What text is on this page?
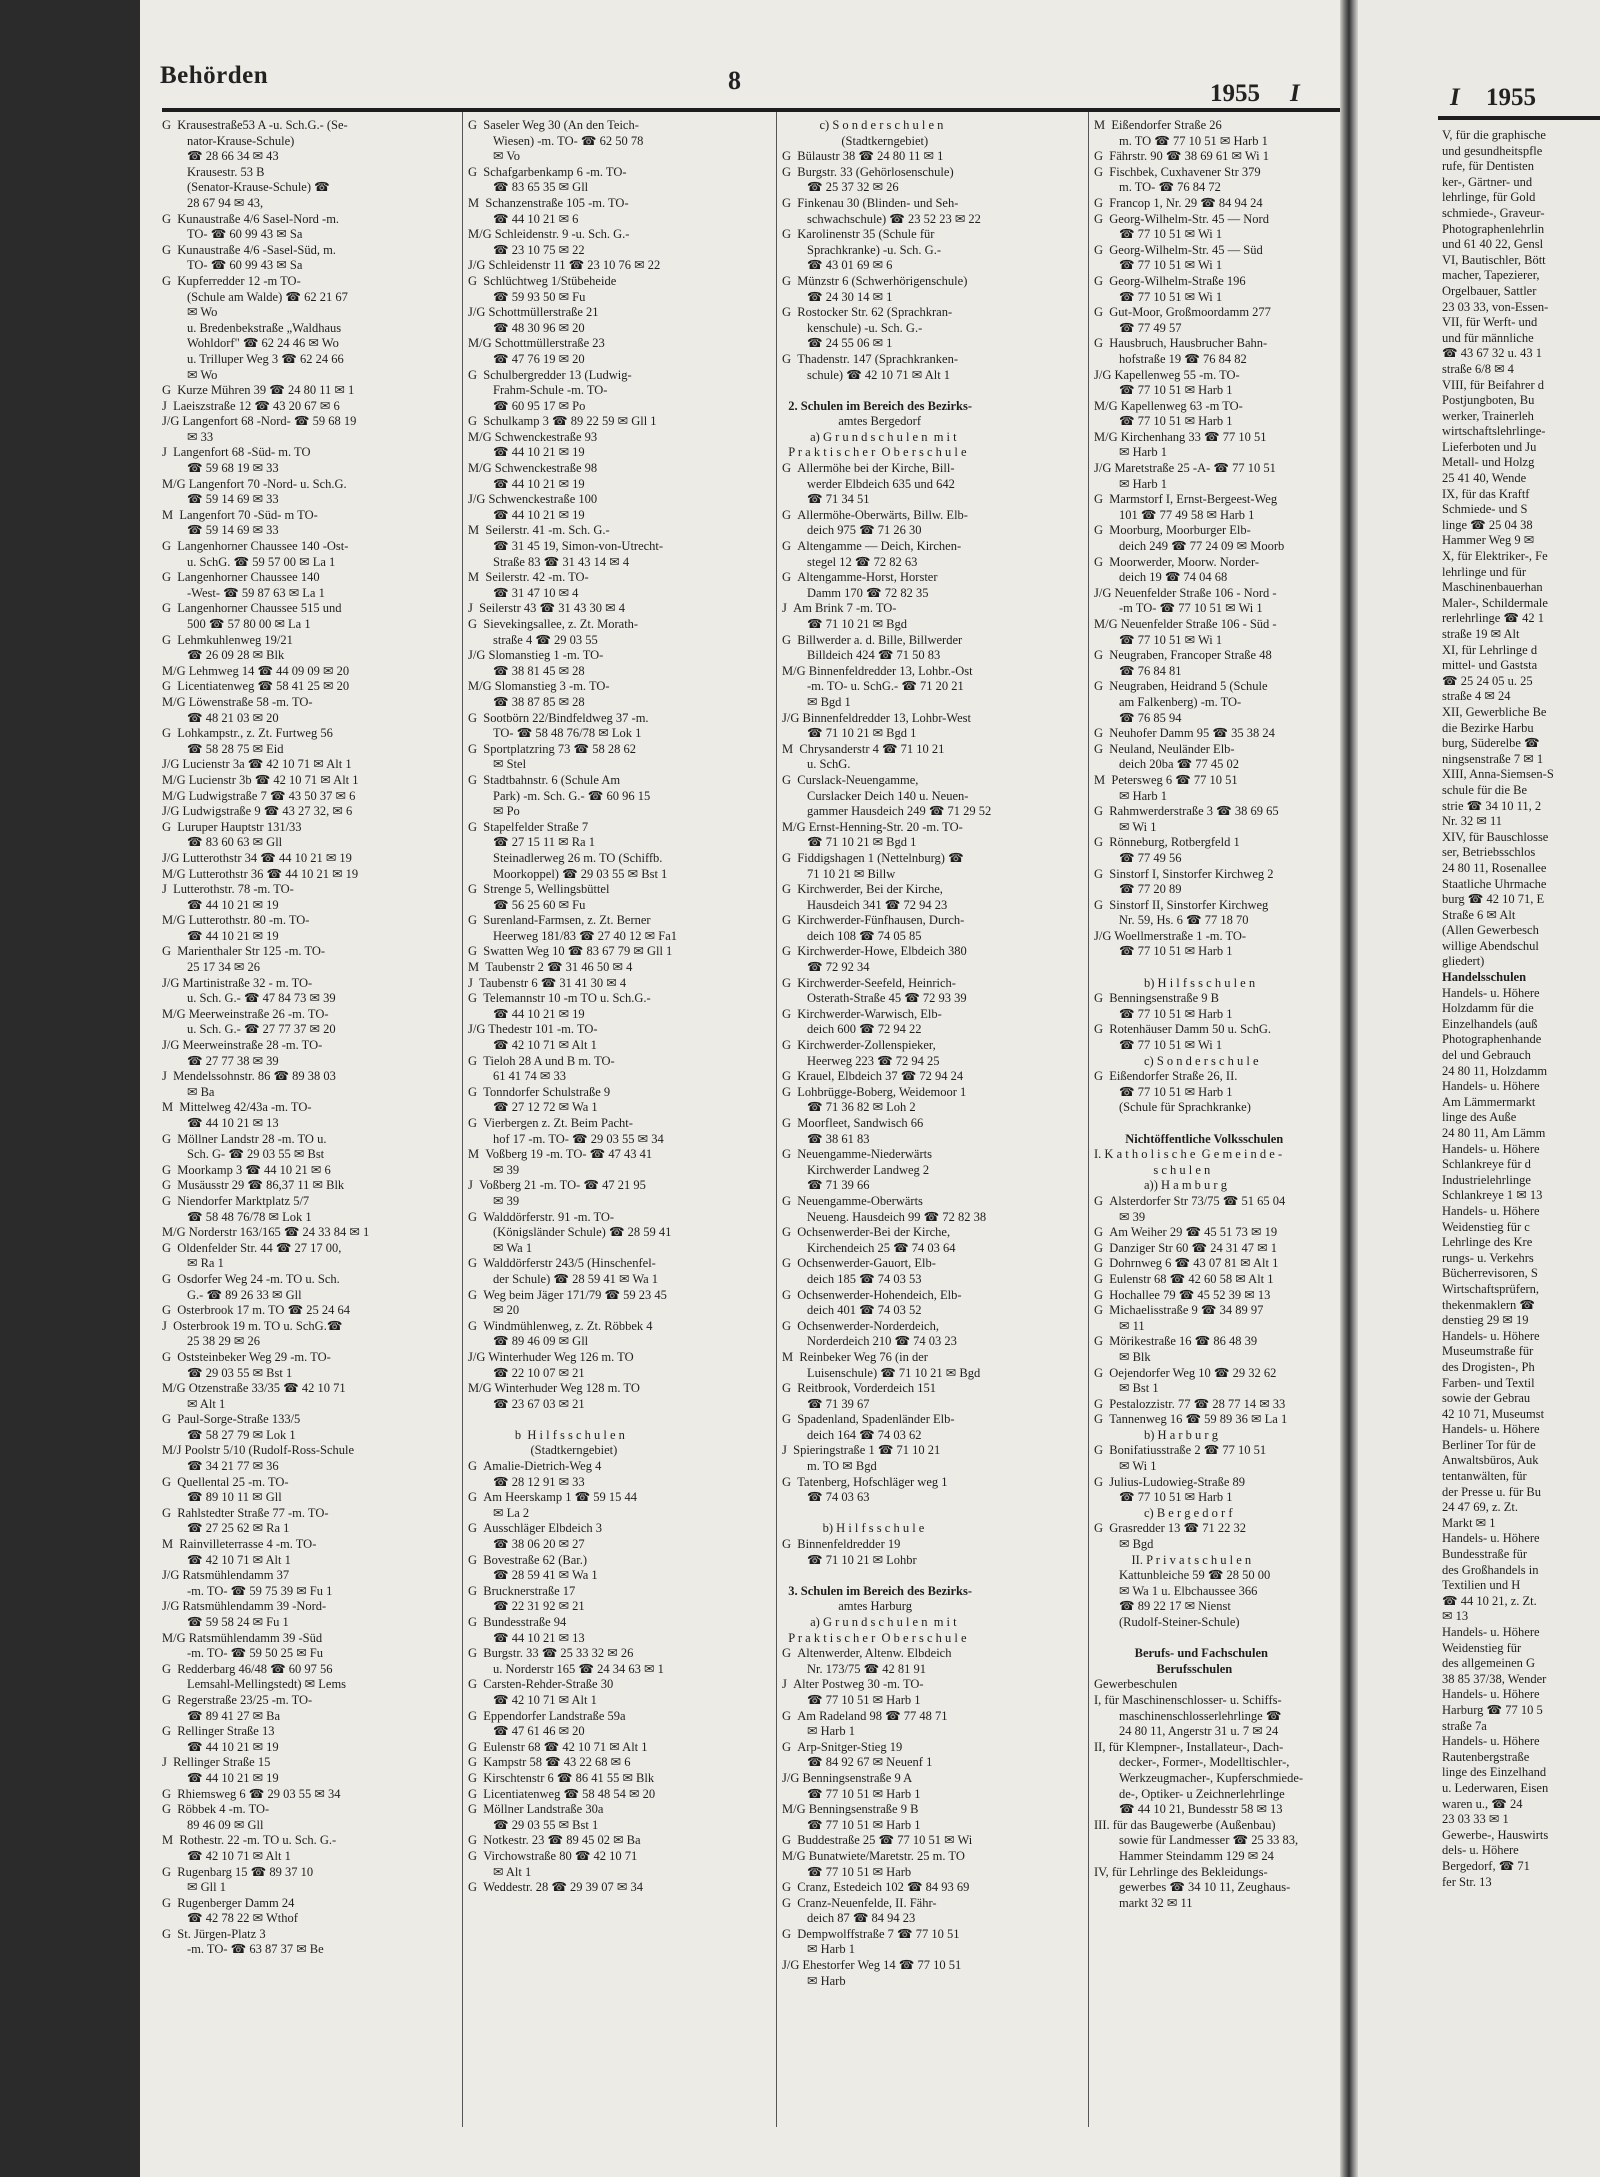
Behörden	8	1955 I
G  Krausestraße53 A -u. Sch.G.- (Se-
  nator-Krause-Schule)
  ☎ 28 66 34 ✉ 43
  Krausestr. 53 B
  (Senator-Krause-Schule) ☎
  28 67 94 ✉ 43,
G  Kunaustraße 4/6 Sasel-Nord -m.
  TO- ☎ 60 99 43 ✉ Sa
G  Kunaustraße 4/6 -Sasel-Süd, m.
  TO- ☎ 60 99 43 ✉ Sa
G  Kupferredder 12 -m TO-
  (Schule am Walde) ☎ 62 21 67
  ✉ Wo
  u. Bredenbekstraße „Waldhaus
  Wohldorf" ☎ 62 24 46 ✉ Wo
  u. Trilluper Weg 3 ☎ 62 24 66
  ✉ Wo
G  Kurze Mühren 39 ☎ 24 80 11 ✉ 1
J  Laeiszstraße 12 ☎ 43 20 67 ✉ 6
J/G Langenfort 68 -Nord- ☎ 59 68 19
  ✉ 33
J  Langenfort 68 -Süd- m. TO
  ☎ 59 68 19 ✉ 33
M/G Langenfort 70 -Nord- u. Sch.G.
  ☎ 59 14 69 ✉ 33
M  Langenfort 70 -Süd- m TO-
  ☎ 59 14 69 ✉ 33
G  Langenhorner Chaussee 140 -Ost-
  u. SchG. ☎ 59 57 00 ✉ La 1
G  Langenhorner Chaussee 140
  -West- ☎ 59 87 63 ✉ La 1
G  Langenhorner Chaussee 515 und
  500 ☎ 57 80 00 ✉ La 1
G  Lehmkuhlenweg 19/21
  ☎ 26 09 28 ✉ Blk
M/G Lehmweg 14 ☎ 44 09 09 ✉ 20
G  Licentiatenweg ☎ 58 41 25 ✉ 20
M/G Löwenstraße 58 -m. TO-
  ☎ 48 21 03 ✉ 20
G  Lohkampstr., z. Zt. Furtweg 56
  ☎ 58 28 75 ✉ Eid
J/G Lucienstr 3a ☎ 42 10 71 ✉ Alt 1
M/G Lucienstr 3b ☎ 42 10 71 ✉ Alt 1
M/G Ludwigstraße 7 ☎ 43 50 37 ✉ 6
J/G Ludwigstraße 9 ☎ 43 27 32, ✉ 6
G  Luruper Hauptstr 131/33
  ☎ 83 60 63 ✉ Gll
J/G Lutterothstr 34 ☎ 44 10 21 ✉ 19
M/G Lutterothstr 36 ☎ 44 10 21 ✉ 19
J  Lutterothstr. 78 -m. TO-
  ☎ 44 10 21 ✉ 19
M/G Lutterothstr. 80 -m. TO-
  ☎ 44 10 21 ✉ 19
G  Marienthaler Str 125 -m. TO-
  25 17 34 ✉ 26
J/G Martinistraße 32 - m. TO-
  u. Sch. G.- ☎ 47 84 73 ✉ 39
M/G Meerweinstraße 26 -m. TO-
  u. Sch. G.- ☎ 27 77 37 ✉ 20
J/G Meerweinstraße 28 -m. TO-
  ☎ 27 77 38 ✉ 39
J  Mendelssohnstr. 86 ☎ 89 38 03
  ✉ Ba
M  Mittelweg 42/43a -m. TO-
  ☎ 44 10 21 ✉ 13
G  Möllner Landstr 28 -m. TO u.
  Sch. G- ☎ 29 03 55 ✉ Bst
G  Moorkamp 3 ☎ 44 10 21 ✉ 6
G  Musäusstr 29 ☎ 86,37 11 ✉ Blk
G  Niendorfer Marktplatz 5/7
  ☎ 58 48 76/78 ✉ Lok 1
M/G Norderstr 163/165 ☎ 24 33 84 ✉ 1
G  Oldenfelder Str. 44 ☎ 27 17 00,
  ✉ Ra 1
G  Osdorfer Weg 24 -m. TO u. Sch.
  G.- ☎ 89 26 33 ✉ Gll
G  Osterbrook 17 m. TO ☎ 25 24 64
J  Osterbrook 19 m. TO u. SchG.☎
  25 38 29 ✉ 26
G  Oststeinbeker Weg 29 -m. TO-
  ☎ 29 03 55 ✉ Bst 1
M/G Otzenstraße 33/35 ☎ 42 10 71
  ✉ Alt 1
G  Paul-Sorge-Straße 133/5
  ☎ 58 27 79 ✉ Lok 1
M/J Poolstr 5/10 (Rudolf-Ross-Schule
  ☎ 34 21 77 ✉ 36
G  Quellental 25 -m. TO-
  ☎ 89 10 11 ✉ Gll
G  Rahlstedter Straße 77 -m. TO-
  ☎ 27 25 62 ✉ Ra 1
M  Rainvilleterrasse 4 -m. TO-
  ☎ 42 10 71 ✉ Alt 1
J/G Ratsmühlendamm 37
  -m. TO- ☎ 59 75 39 ✉ Fu 1
J/G Ratsmühlendamm 39 -Nord-
  ☎ 59 58 24 ✉ Fu 1
M/G Ratsmühlendamm 39 -Süd
  -m. TO- ☎ 59 50 25 ✉ Fu
G  Redderbarg 46/48 ☎ 60 97 56
  Lemsahl-Mellingstedt) ✉ Lems
G  Regerstraße 23/25 -m. TO-
  ☎ 89 41 27 ✉ Ba
G  Rellinger Straße 13
  ☎ 44 10 21 ✉ 19
J  Rellinger Straße 15
  ☎ 44 10 21 ✉ 19
G  Rhiemsweg 6 ☎ 29 03 55 ✉ 34
G  Röbbek 4 -m. TO-
  89 46 09 ✉ Gll
M  Rothestr. 22 -m. TO u. Sch. G.-
  ☎ 42 10 71 ✉ Alt 1
G  Rugenbarg 15 ☎ 89 37 10
  ✉ Gll 1
G  Rugenberger Damm 24
  ☎ 42 78 22 ✉ Wthof
G  St. Jürgen-Platz 3
  -m. TO- ☎ 63 87 37 ✉ Be
G  Saseler Weg 30 (An den Teich-
  Wiesen) -m. TO- ☎ 62 50 78
  ✉ Vo
G  Schafgarbenkamp 6 -m. TO-
  ☎ 83 65 35 ✉ Gll
M  Schanzenstraße 105 -m. TO-
  ☎ 44 10 21 ✉ 6
M/G Schleidenstr. 9 -u. Sch. G.-
  ☎ 23 10 75 ✉ 22
J/G Schleidenstr 11 ☎ 23 10 76 ✉ 22
G  Schlüchtweg 1/Stübeheide
  ☎ 59 93 50 ✉ Fu
J/G Schottmüllerstraße 21
  ☎ 48 30 96 ✉ 20
M/G Schottmüllerstraße 23
  ☎ 47 76 19 ✉ 20
G  Schulbergredder 13 (Ludwig-
  Frahm-Schule -m. TO-
  ☎ 60 95 17 ✉ Po
G  Schulkamp 3 ☎ 89 22 59 ✉ Gll 1
M/G Schwenckestraße 93
  ☎ 44 10 21 ✉ 19
M/G Schwenckestraße 98
  ☎ 44 10 21 ✉ 19
J/G Schwenckestraße 100
  ☎ 44 10 21 ✉ 19
M  Seilerstr. 41 -m. Sch. G.-
  ☎ 31 45 19, Simon-von-Utrecht-
  Straße 83 ☎ 31 43 14 ✉ 4
M  Seilerstr. 42 -m. TO-
  ☎ 31 47 10 ✉ 4
J  Seilerstr 43 ☎ 31 43 30 ✉ 4
G  Sievekingsallee, z. Zt. Morath-
  straße 4 ☎ 29 03 55
J/G Slomanstieg 1 -m. TO-
  ☎ 38 81 45 ✉ 28
M/G Slomanstieg 3 -m. TO-
  ☎ 38 87 85 ✉ 28
G  Sootbörn 22/Bindfeldweg 37 -m.
  TO- ☎ 58 48 76/78 ✉ Lok 1
G  Sportplatzring 73 ☎ 58 28 62
  ✉ Stel
G  Stadtbahnstr. 6 (Schule Am
  Park) -m. Sch. G.- ☎ 60 96 15
  ✉ Po
G  Stapelfelder Straße 7
  ☎ 27 15 11 ✉ Ra 1
  Steinadlerweg 26 m. TO (Schiffb.
  Moorkoppel) ☎ 29 03 55 ✉ Bst 1
G  Strenge 5, Wellingsbüttel
  ☎ 56 25 60 ✉ Fu
G  Surenland-Farmsen, z. Zt. Berner
  Heerweg 181/83 ☎ 27 40 12 ✉ Fa1
G  Swatten Weg 10 ☎ 83 67 79 ✉ Gll 1
M  Taubenstr 2 ☎ 31 46 50 ✉ 4
J  Taubenstr 6 ☎ 31 41 30 ✉ 4
G  Telemannstr 10 -m TO u. Sch.G.-
  ☎ 44 10 21 ✉ 19
J/G Thedestr 101 -m. TO-
  ☎ 42 10 71 ✉ Alt 1
G  Tieloh 28 A und B m. TO-
  61 41 74 ✉ 33
G  Tonndorfer Schulstraße 9
  ☎ 27 12 72 ✉ Wa 1
G  Vierbergen z. Zt. Beim Pacht-
  hof 17 -m. TO- ☎ 29 03 55 ✉ 34
M  Voßberg 19 -m. TO- ☎ 47 43 41
  ✉ 39
J  Voßberg 21 -m. TO- ☎ 47 21 95
  ✉ 39
G  Walddörferstr. 91 -m. TO-
  (Königsländer Schule) ☎ 28 59 41
  ✉ Wa 1
G  Walddörferstr 243/5 (Hinschenfel-
  der Schule) ☎ 28 59 41 ✉ Wa 1
G  Weg beim Jäger 171/79 ☎ 59 23 45
  ✉ 20
G  Windmühlenweg, z. Zt. Röbbek 4
  ☎ 89 46 09 ✉ Gll
J/G Winterhuder Weg 126 m. TO
  ☎ 22 10 07 ✉ 21
M/G Winterhuder Weg 128 m. TO
  ☎ 23 67 03 ✉ 21

         b  H i l f s s c h u l e n
              (Stadtkerngebiet)
G  Amalie-Dietrich-Weg 4
  ☎ 28 12 91 ✉ 33
G  Am Heerskamp 1 ☎ 59 15 44
  ✉ La 2
G  Ausschläger Elbdeich 3
  ☎ 38 06 20 ✉ 27
G  Bovestraße 62 (Bar.)
  ☎ 28 59 41 ✉ Wa 1
G  Brucknerstraße 17
  ☎ 22 31 92 ✉ 21
G  Bundesstraße 94
  ☎ 44 10 21 ✉ 13
G  Burgstr. 33 ☎ 25 33 32 ✉ 26
  u. Norderstr 165 ☎ 24 34 63 ✉ 1
G  Carsten-Rehder-Straße 30
  ☎ 42 10 71 ✉ Alt 1
G  Eppendorfer Landstraße 59a
  ☎ 47 61 46 ✉ 20
G  Eulenstr 68 ☎ 42 10 71 ✉ Alt 1
G  Kampstr 58 ☎ 43 22 68 ✉ 6
G  Kirschtenstr 6 ☎ 86 41 55 ✉ Blk
G  Licentiatenweg ☎ 58 48 54 ✉ 20
G  Möllner Landstraße 30a
  ☎ 29 03 55 ✉ Bst 1
G  Notkestr. 23 ☎ 89 45 02 ✉ Ba
G  Virchowstraße 80 ☎ 42 10 71
  ✉ Alt 1
G  Weddestr. 28 ☎ 29 39 07 ✉ 34
      c) S o n d e r s c h u l e n
             (Stadtkerngebiet)
G  Bülaustr 38 ☎ 24 80 11 ✉ 1
G  Burgstr. 33 (Gehörlosenschule)
  ☎ 25 37 32 ✉ 26
G  Finkenau 30 (Blinden- und Seh-
  schwachschule) ☎ 23 52 23 ✉ 22
G  Karolinenstr 35 (Schule für
  Sprachkranke) -u. Sch. G.-
  ☎ 43 01 69 ✉ 6
G  Münzstr 6 (Schwerhörigenschule)
  ☎ 24 30 14 ✉ 1
G  Rostocker Str. 62 (Sprachkran-
  kenschule) -u. Sch. G.-
  ☎ 24 55 06 ✉ 1
G  Thadenstr. 147 (Sprachkranken-
  schule) ☎ 42 10 71 ✉ Alt 1

2. Schulen im Bereich des Bezirks-
            amtes Bergedorf
   a) G r u n d s c h u l e n  m i t
P r a k t i s c h e r  O b e r s c h u l e
G  Allermöhe bei der Kirche, Bill-
  werder Elbdeich 635 und 642
  ☎ 71 34 51
G  Allermöhe-Oberwärts, Billw. Elb-
  deich 975 ☎ 71 26 30
G  Altengamme — Deich, Kirchen-
  stegel 12 ☎ 72 82 63
G  Altengamme-Horst, Horster
  Damm 170 ☎ 72 82 35
J  Am Brink 7 -m. TO-
  ☎ 71 10 21 ✉ Bgd
G  Billwerder a. d. Bille, Billwerder
  Billdeich 424 ☎ 71 50 83
M/G Binnenfeldredder 13, Lohbr.-Ost
  -m. TO- u. SchG.- ☎ 71 20 21
  ✉ Bgd 1
J/G Binnenfeldredder 13, Lohbr-West
  ☎ 71 10 21 ✉ Bgd 1
M  Chrysanderstr 4 ☎ 71 10 21
  u. SchG.
G  Curslack-Neuengamme,
  Curslacker Deich 140 u. Neuen-
  gammer Hausdeich 249 ☎ 71 29 52
M/G Ernst-Henning-Str. 20 -m. TO-
  ☎ 71 10 21 ✉ Bgd 1
G  Fiddigshagen 1 (Nettelnburg) ☎
  71 10 21 ✉ Billw
G  Kirchwerder, Bei der Kirche,
  Hausdeich 341 ☎ 72 94 23
G  Kirchwerder-Fünfhausen, Durch-
  deich 108 ☎ 74 05 85
G  Kirchwerder-Howe, Elbdeich 380
  ☎ 72 92 34
G  Kirchwerder-Seefeld, Heinrich-
  Osterath-Straße 45 ☎ 72 93 39
G  Kirchwerder-Warwisch, Elb-
  deich 600 ☎ 72 94 22
G  Kirchwerder-Zollenspieker,
  Heerweg 223 ☎ 72 94 25
G  Krauel, Elbdeich 37 ☎ 72 94 24
G  Lohbrügge-Boberg, Weidemoor 1
  ☎ 71 36 82 ✉ Loh 2
G  Moorfleet, Sandwisch 66
  ☎ 38 61 83
G  Neuengamme-Niederwärts
  Kirchwerder Landweg 2
  ☎ 71 39 66
G  Neuengamme-Oberwärts
  Neueng. Hausdeich 99 ☎ 72 82 38
G  Ochsenwerder-Bei der Kirche,
  Kirchendeich 25 ☎ 74 03 64
G  Ochsenwerder-Gauort, Elb-
  deich 185 ☎ 74 03 53
G  Ochsenwerder-Hohendeich, Elb-
  deich 401 ☎ 74 03 52
G  Ochsenwerder-Norderdeich,
  Norderdeich 210 ☎ 74 03 23
M  Reinbeker Weg 76 (in der
  Luisenschule) ☎ 71 10 21 ✉ Bgd
G  Reitbrook, Vorderdeich 151
  ☎ 71 39 67
G  Spadenland, Spadenländer Elb-
  deich 164 ☎ 74 03 62
J  Spieringstraße 1 ☎ 71 10 21
  m. TO ✉ Bgd
G  Tatenberg, Hofschläger weg 1
  ☎ 74 03 63

       b) H i l f s s c h u l e
G  Binnenfeldredder 19
  ☎ 71 10 21 ✉ Lohbr

3. Schulen im Bereich des Bezirks-
            amtes Harburg
   a) G r u n d s c h u l e n  m i t
P r a k t i s c h e r  O b e r s c h u l e
G  Altenwerder, Altenw. Elbdeich
  Nr. 173/75 ☎ 42 81 91
J  Alter Postweg 30 -m. TO-
  ☎ 77 10 51 ✉ Harb 1
G  Am Radeland 98 ☎ 77 48 71
  ✉ Harb 1
G  Arp-Snitger-Stieg 19
  ☎ 84 92 67 ✉ Neuenf 1
J/G Benningsenstraße 9 A
  ☎ 77 10 51 ✉ Harb 1
M/G Benningsenstraße 9 B
  ☎ 77 10 51 ✉ Harb 1
G  Buddestraße 25 ☎ 77 10 51 ✉ Wi
M/G Bunatwiete/Maretstr. 25 m. TO
  ☎ 77 10 51 ✉ Harb
G  Cranz, Estedeich 102 ☎ 84 93 69
G  Cranz-Neuenfelde, II. Fähr-
  deich 87 ☎ 84 94 23
G  Dempwolffstraße 7 ☎ 77 10 51
  ✉ Harb 1
J/G Ehestorfer Weg 14 ☎ 77 10 51
  ✉ Harb
M  Eißendorfer Straße 26
  m. TO ☎ 77 10 51 ✉ Harb 1
G  Fährstr. 90 ☎ 38 69 61 ✉ Wi 1
G  Fischbek, Cuxhavener Str 379
  m. TO- ☎ 76 84 72
G  Francop 1, Nr. 29 ☎ 84 94 24
G  Georg-Wilhelm-Str. 45 — Nord
  ☎ 77 10 51 ✉ Wi 1
G  Georg-Wilhelm-Str. 45 — Süd
  ☎ 77 10 51 ✉ Wi 1
G  Georg-Wilhelm-Straße 196
  ☎ 77 10 51 ✉ Wi 1
G  Gut-Moor, Großmoordamm 277
  ☎ 77 49 57
G  Hausbruch, Hausbrucher Bahn-
  hofstraße 19 ☎ 76 84 82
J/G Kapellenweg 55 -m. TO-
  ☎ 77 10 51 ✉ Harb 1
M/G Kapellenweg 63 -m TO-
  ☎ 77 10 51 ✉ Harb 1
M/G Kirchenhang 33 ☎ 77 10 51
  ✉ Harb 1
J/G Maretstraße 25 -A- ☎ 77 10 51
  ✉ Harb 1
G  Marmstorf I, Ernst-Bergeest-Weg
  101 ☎ 77 49 58 ✉ Harb 1
G  Moorburg, Moorburger Elb-
  deich 249 ☎ 77 24 09 ✉ Moorb
G  Moorwerder, Moorw. Norder-
  deich 19 ☎ 74 04 68
J/G Neuenfelder Straße 106 - Nord -
  -m TO- ☎ 77 10 51 ✉ Wi 1
M/G Neuenfelder Straße 106 - Süd -
  ☎ 77 10 51 ✉ Wi 1
G  Neugraben, Francoper Straße 48
  ☎ 76 84 81
G  Neugraben, Heidrand 5 (Schule
  am Falkenberg) -m. TO-
  ☎ 76 85 94
G  Neuhofer Damm 95 ☎ 35 38 24
G  Neuland, Neuländer Elb-
  deich 20ba ☎ 77 45 02
M  Petersweg 6 ☎ 77 10 51
  ✉ Harb 1
G  Rahmwerderstraße 3 ☎ 38 69 65
  ✉ Wi 1
G  Rönneburg, Rotbergfeld 1
  ☎ 77 49 56
G  Sinstorf I, Sinstorfer Kirchweg 2
  ☎ 77 20 89
G  Sinstorf II, Sinstorfer Kirchweg
  Nr. 59, Hs. 6 ☎ 77 18 70
J/G Woellmerstraße 1 -m. TO-
  ☎ 77 10 51 ✉ Harb 1

          b) H i l f s s c h u l e n
G  Benningsenstraße 9 B
  ☎ 77 10 51 ✉ Harb 1
G  Rotenhäuser Damm 50 u. SchG.
  ☎ 77 10 51 ✉ Wi 1
          c) S o n d e r s c h u l e
G  Eißendorfer Straße 26, II.
  ☎ 77 10 51 ✉ Harb 1
  (Schule für Sprachkranke)

    Nichtöffentliche Volksschulen
I. K a t h o l i s c h e  G e m e i n d e -
             s c h u l e n
          a)) H a m b u r g
G  Alsterdorfer Str 73/75 ☎ 51 65 04
  ✉ 39
G  Am Weiher 29 ☎ 45 51 73 ✉ 19
G  Danziger Str 60 ☎ 24 31 47 ✉ 1
G  Dohrnweg 6 ☎ 43 07 81 ✉ Alt 1
G  Eulenstr 68 ☎ 42 60 58 ✉ Alt 1
G  Hochallee 79 ☎ 45 52 39 ✉ 13
G  Michaelisstraße 9 ☎ 34 89 97
  ✉ 11
G  Mörikestraße 16 ☎ 86 48 39
  ✉ Blk
G  Oejendorfer Weg 10 ☎ 29 32 62
  ✉ Bst 1
G  Pestalozzistr. 77 ☎ 28 77 14 ✉ 33
G  Tannenweg 16 ☎ 59 89 36 ✉ La 1
          b) H a r b u r g
G  Bonifatiusstraße 2 ☎ 77 10 51
  ✉ Wi 1
G  Julius-Ludowieg-Straße 89
  ☎ 77 10 51 ✉ Harb 1
          c) B e r g e d o r f
G  Grasredder 13 ☎ 71 22 32
  ✉ Bgd
      II. P r i v a t s c h u l e n
  Kattunbleiche 59 ☎ 28 50 00
  ✉ Wa 1 u. Elbchaussee 366
  ☎ 89 22 17 ✉ Nienst
  (Rudolf-Steiner-Schule)

       Berufs- und Fachschulen
              Berufsschulen
Gewerbeschulen
I, für Maschinenschlosser- u. Schiffs-
  maschinenschlosserlehrlinge ☎
  24 80 11, Angerstr 31 u. 7 ✉ 24
II, für Klempner-, Installateur-, Dach-
  decker-, Former-, Modelltischler-,
  Werkzeugmacher-, Kupferschmiede-
  de-, Optiker- u Zeichnerlehrlinge
  ☎ 44 10 21, Bundesstr 58 ✉ 13
III. für das Baugewerbe (Außenbau)
  sowie für Landmesser ☎ 25 33 83,
  Hammer Steindamm 129 ✉ 24
IV, für Lehrlinge des Bekleidungs-
  gewerbes ☎ 34 10 11, Zeughaus-
  markt 32 ✉ 11
I 1955
V, für die graphische
und gesundheitspfle
rufe, für Dentisten
ker-, Gärtner- und
lehrlinge, für Gold
schmiede-, Graveur-
Photographenlehrlin
und 61 40 22, Gensl
VI, Bautischler, Bött
macher, Tapezierer,
Orgelbauer, Sattler
23 03 33, von-Essen-
VII, für Werft- und
und für männliche
☎ 43 67 32 u. 43 1
straße 6/8 ✉ 4
VIII, für Beifahrer d
Postjungboten, Bu
werker, Trainerleh
wirtschaftslehrlinge-
Lieferboten und Ju
Metall- und Holzg
25 41 40, Wende
IX, für das Kraftf
Schmiede- und S
linge ☎ 25 04 38
Hammer Weg 9 ✉
X, für Elektriker-, Fe
lehrlinge und für
Maschinenbauerhan
Maler-, Schildermale
rerlehrlinge ☎ 42 1
straße 19 ✉ Alt
XI, für Lehrlinge d
mittel- und Gaststa
☎ 25 24 05 u. 25
straße 4 ✉ 24
XII, Gewerbliche Be
die Bezirke Harbu
burg, Süderelbe ☎
ningsenstraße 7 ✉ 1
XIII, Anna-Siemsen-S
schule für die Be
strie ☎ 34 10 11, 2
Nr. 32 ✉ 11
XIV, für Bauschlosse
ser, Betriebsschlos
24 80 11, Rosenallee
Staatliche Uhrmache
burg ☎ 42 10 71, E
Straße 6 ✉ Alt
(Allen Gewerbesch
willige Abendschul
gliedert)
Handelsschulen
Handels- u. Höhere
Holzdamm für die
Einzelhandels (auß
Photographenhande
del und Gebrauch
24 80 11, Holzdamm
Handels- u. Höhere
Am Lämmermarkt
linge des Auße
24 80 11, Am Lämm
Handels- u. Höhere
Schlankreye für d
Industrielehrlinge
Schlankreye 1 ✉ 13
Handels- u. Höhere
Weidenstieg für c
Lehrlinge des Kre
rungs- u. Verkehrs
Bücherrevisoren, S
Wirtschaftsprüfern,
thekenmaklern ☎
denstieg 29 ✉ 19
Handels- u. Höhere
Museumstraße für
des Drogisten-, Ph
Farben- und Textil
sowie der Gebrau
42 10 71, Museumst
Handels- u. Höhere
Berliner Tor für de
Anwaltsbüros, Auk
tentanwälten, für
der Presse u. für Bu
24 47 69, z. Zt.
Markt ✉ 1
Handels- u. Höhere
Bundesstraße für
des Großhandels in
Textilien und H
☎ 44 10 21, z. Zt.
✉ 13
Handels- u. Höhere
Weidenstieg für
des allgemeinen G
38 85 37/38, Wender
Handels- u. Höhere
Harburg ☎ 77 10 5
straße 7a
Handels- u. Höhere
Rautenbergstraße
linge des Einzelhand
u. Lederwaren, Eisen
waren u., ☎ 24
23 03 33 ✉ 1
Gewerbe-, Hauswirts
dels- u. Höhere
Bergedorf, ☎ 71
fer Str. 13
